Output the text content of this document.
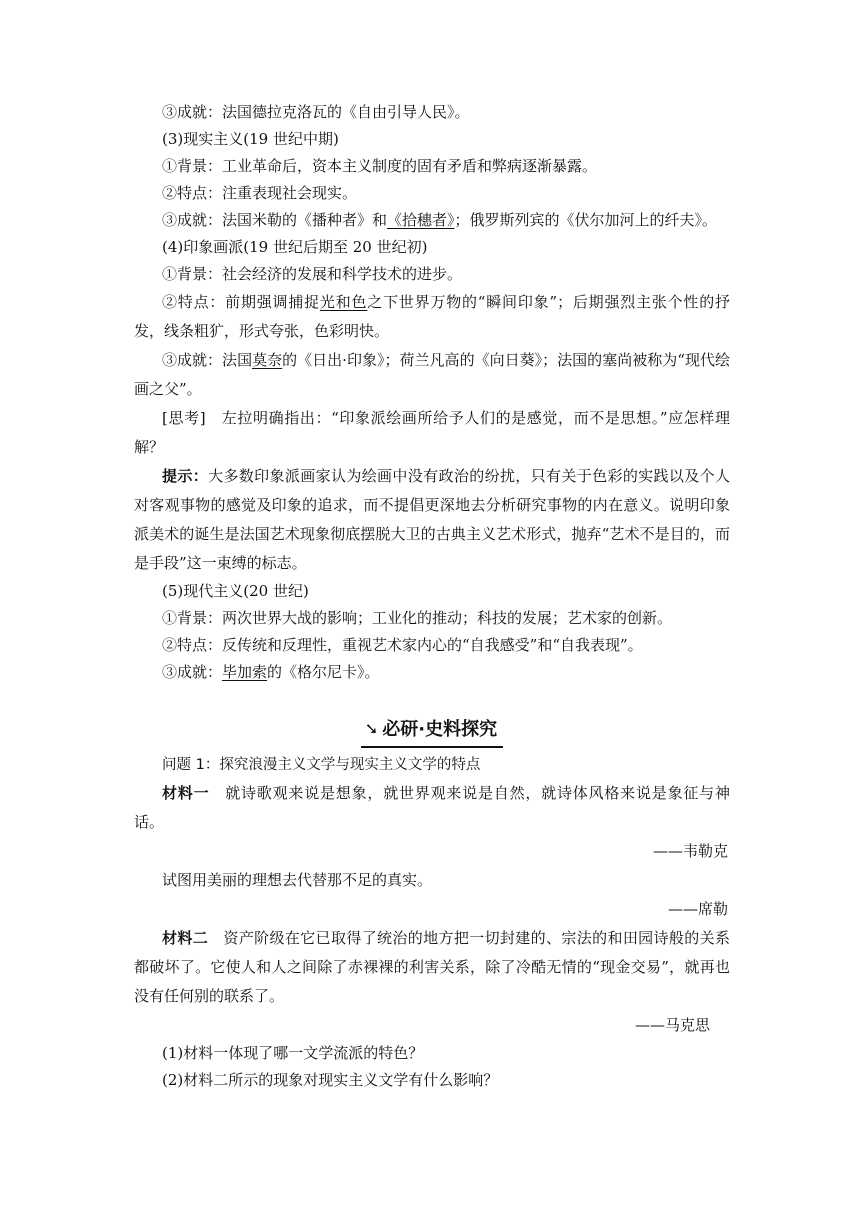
③成就：法国德拉克洛瓦的《自由引导人民》。

(3)现实主义(19 世纪中期)

①背景：工业革命后，资本主义制度的固有矛盾和弊病逐渐暴露。

②特点：注重表现社会现实。

③成就：法国米勒的《播种者》和《拾穗者》；俄罗斯列宾的《伏尔加河上的纤夫》。

(4)印象画派(19 世纪后期至 20 世纪初)

①背景：社会经济的发展和科学技术的进步。

②特点：前期强调捕捉光和色之下世界万物的“瞬间印象”；后期强烈主张个性的抒发，线条粗犷，形式夸张，色彩明快。

③成就：法国莫奈的《日出·印象》；荷兰凡高的《向日葵》；法国的塞尚被称为“现代绘画之父”。

[思考]　左拉明确指出：“印象派绘画所给予人们的是感觉，而不是思想。”应怎样理解？

提示：大多数印象派画家认为绘画中没有政治的纷扰，只有关于色彩的实践以及个人对客观事物的感觉及印象的追求，而不提倡更深地去分析研究事物的内在意义。说明印象派美术的诞生是法国艺术现象彻底摆脱大卫的古典主义艺术形式，抛弃“艺术不是目的，而是手段”这一束缚的标志。

(5)现代主义(20 世纪)

①背景：两次世界大战的影响；工业化的推动；科技的发展；艺术家的创新。

②特点：反传统和反理性，重视艺术家内心的“自我感受”和“自我表现”。

③成就：毕加索的《格尔尼卡》。

➘ 必研·史料探究

问题 1：探究浪漫主义文学与现实主义文学的特点

材料一　就诗歌观来说是想象，就世界观来说是自然，就诗体风格来说是象征与神话。

——韦勒克

试图用美丽的理想去代替那不足的真实。

——席勒

材料二　资产阶级在它已取得了统治的地方把一切封建的、宗法的和田园诗般的关系都破坏了。它使人和人之间除了赤裸裸的利害关系，除了冷酷无情的“现金交易”，就再也没有任何别的联系了。

——马克思

(1)材料一体现了哪一文学流派的特色？

(2)材料二所示的现象对现实主义文学有什么影响？
